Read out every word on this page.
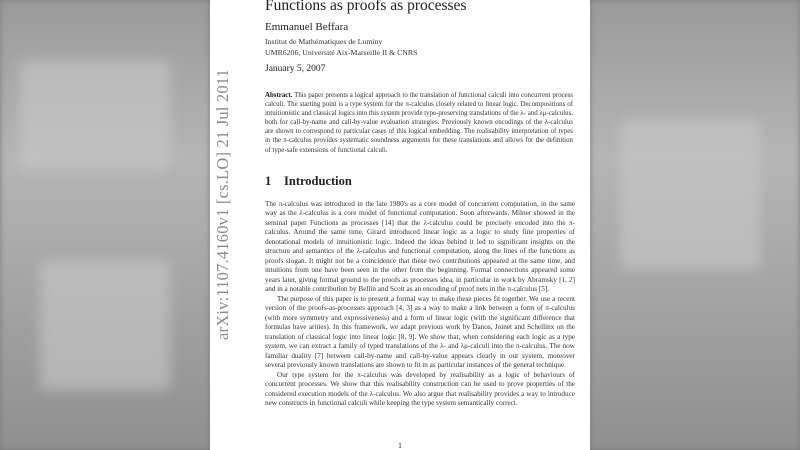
arXiv:1107.4160v1 [cs.LO] 21 Jul 2011
Functions as proofs as processes
Emmanuel Beffara
Institut de Mathématiques de Luminy
UMR6206, Université Aix-Marseille II & CNRS
January 5, 2007
Abstract. This paper presents a logical approach to the translation of functional calculi into concurrent process calculi. The starting point is a type system for the π-calculus closely related to linear logic. Decompositions of intuitionistic and classical logics into this system provide type-preserving translations of the λ- and λμ-calculus, both for call-by-name and call-by-value evaluation strategies. Previously known encodings of the λ-calculus are shown to correspond to particular cases of this logical embedding. The realisability interpretation of types in the π-calculus provides systematic soundness arguments for these translations and allows for the definition of type-safe extensions of functional calculi.
1 Introduction

The π-calculus was introduced in the late 1980's as a core model of concurrent computation, in the same way as the λ-calculus is a core model of functional computation. Soon afterwards, Milner showed in the seminal paper Functions as processes [14] that the λ-calculus could be precisely encoded into the π-calculus. Around the same time, Girard introduced linear logic as a logic to study fine properties of denotational models of intuitionistic logic. Indeed the ideas behind it led to significant insights on the structure and semantics of the λ-calculus and functional computation, along the lines of the functions as proofs slogan. It might not be a coincidence that these two contributions appeared at the same time, and intuitions from one have been seen in the other from the beginning. Formal connections appeared some years later, giving formal ground to the proofs as processes idea, in particular in work by Abramsky [1, 2] and in a notable contribution by Bellin and Scott as an encoding of proof nets in the π-calculus [5].

The purpose of this paper is to present a formal way to make these pieces fit together. We use a recent version of the proofs-as-processes approach [4, 3] as a way to make a link between a form of π-calculus (with more symmetry and expressiveness) and a form of linear logic (with the significant difference that formulas have arities). In this framework, we adapt previous work by Danos, Joinet and Schellinx on the translation of classical logic into linear logic [8, 9]. We show that, when considering each logic as a type system, we can extract a family of typed translations of the λ- and λμ-calculi into the π-calculus. The now familiar duality [7] between call-by-name and call-by-value appears clearly in our system, moreover several previously known translations are shown to fit in as particular instances of the general technique.

Our type system for the π-calculus was developed by realisability as a logic of behaviours of concurrent processes. We show that this realisability construction can be used to prove properties of the considered execution models of the λ-calculus. We also argue that realisability provides a way to introduce new constructs in functional calculi while keeping the type system semantically correct.

1
